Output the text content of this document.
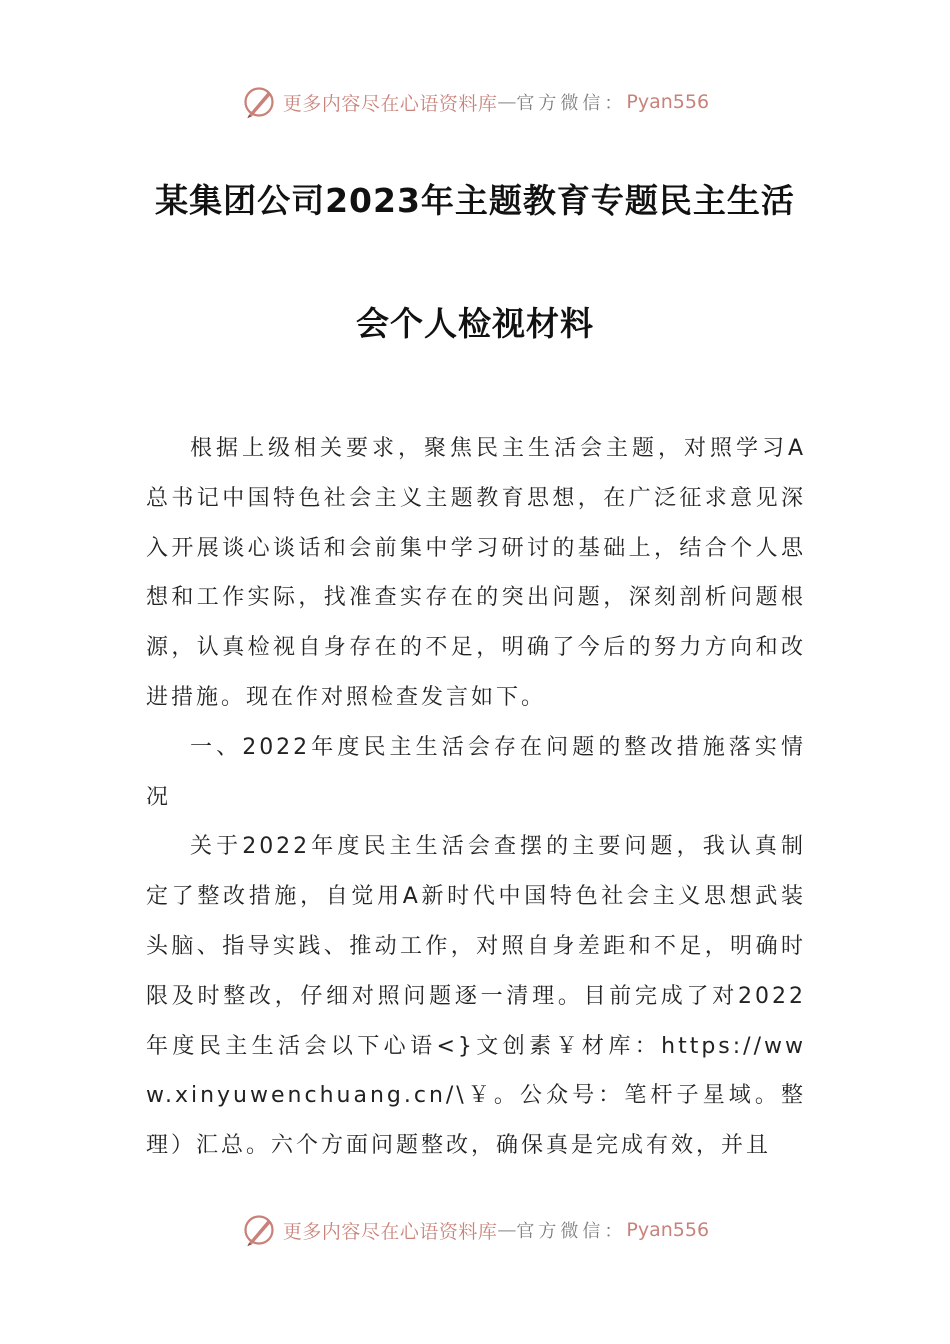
更多内容尽在心语资料库 — 官方微信： Pyan556
某集团公司2023年主题教育专题民主生活
会个人检视材料

根据上级相关要求，聚焦民主生活会主题，对照学习A总书记中国特色社会主义主题教育思想，在广泛征求意见深入开展谈心谈话和会前集中学习研讨的基础上，结合个人思想和工作实际，找准查实存在的突出问题，深刻剖析问题根源，认真检视自身存在的不足，明确了今后的努力方向和改进措施。现在作对照检查发言如下。

一、2022年度民主生活会存在问题的整改措施落实情况

关于2022年度民主生活会查摆的主要问题，我认真制定了整改措施，自觉用A新时代中国特色社会主义思想武装头脑、指导实践、推动工作，对照自身差距和不足，明确时限及时整改，仔细对照问题逐一清理。目前完成了对2022年度民主生活会以下心语<}文创素￥材库：https://www.xinyuwenchuang.cn/\￥。公众号：笔杆子星域。整理）汇总。六个方面问题整改，确保真是完成有效，并且

更多内容尽在心语资料库 — 官方微信： Pyan556
